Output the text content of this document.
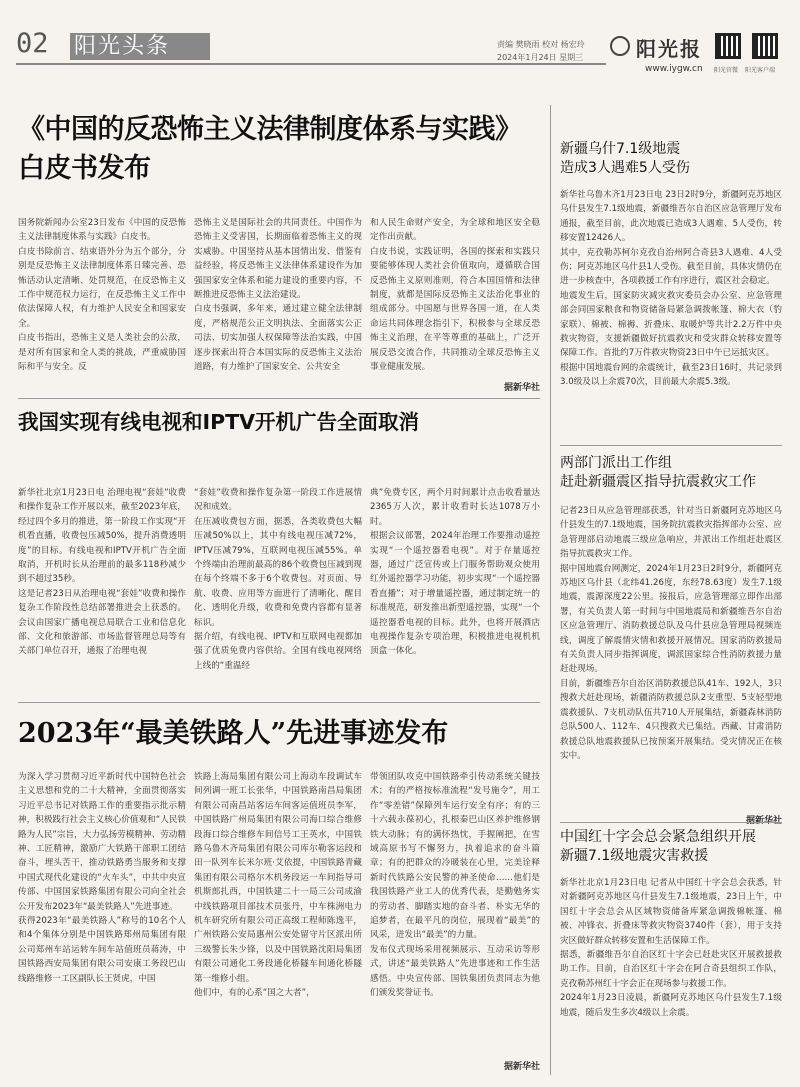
02 阳光头条	责编 樊晓雨 校对 杨宏玲
2024年1月24日 星期三	阳光报
www.iygw.cn 阳光官微 阳光客户端
《中国的反恐怖主义法律制度体系与实践》
白皮书发布
国务院新闻办公室23日发布《中国的反恐怖主义法律制度体系与实践》白皮书。
白皮书除前言、结束语外分为五个部分，分别是反恐怖主义法律制度体系日臻完善、恐怖活动认定清晰、处罚规范，在反恐怖主义工作中规范权力运行，在反恐怖主义工作中依法保障人权，有力维护人民安全和国家安全。
白皮书指出，恐怖主义是人类社会的公敌，是对所有国家和全人类的挑战，严重威胁国际和平与安全。反
恐怖主义是国际社会的共同责任。中国作为恐怖主义受害国，长期面临着恐怖主义的现实威胁。中国坚持从基本国情出发、借鉴有益经验，将反恐怖主义法律体系建设作为加强国家安全体系和能力建设的重要内容，不断推进反恐怖主义法治建设。
白皮书强调，多年来，通过建立健全法律制度，严格规范公正文明执法、全面落实公正司法、切实加强人权保障等法治实践，中国逐步探索出符合本国实际的反恐怖主义法治道路，有力维护了国家安全、公共安全
和人民生命财产安全，为全球和地区安全稳定作出贡献。
白皮书说，实践证明，各国的探索和实践只要能够体现人类社会价值取向，遵循联合国反恐怖主义原则准则，符合本国国情和法律制度，就都是国际反恐怖主义法治化事业的组成部分。中国愿与世界各国一道，在人类命运共同体理念指引下，积极参与全球反恐怖主义治理，在平等尊重的基础上，广泛开展反恐交流合作，共同推动全球反恐怖主义事业健康发展。
据新华社
我国实现有线电视和IPTV开机广告全面取消
新华社北京1月23日电 治理电视“套娃”收费和操作复杂工作开展以来，截至2023年底，经过四个多月的推进，第一阶段工作实现“开机看直播，收费包压减50%，提升消费透明度”的目标。有线电视和IPTV开机广告全面取消，开机时长从治理前的最多118秒减少到不超过35秒。
这是记者23日从治理电视“套娃”收费和操作复杂工作阶段性总结部署推进会上获悉的。会议由国家广播电视总局联合工业和信息化部、文化和旅游部、市场监督管理总局等有关部门单位召开，通报了治理电视
“套娃”收费和操作复杂第一阶段工作进展情况和成效。
在压减收费包方面，据悉，各类收费包大幅压减50%以上，其中有线电视压减72%，IPTV压减79%，互联网电视压减55%。单个终端由治理前最高的86个收费包压减到现在每个终端不多于6个收费包。对页面、导航、收费、应用等方面进行了清晰化、醒目化、透明化升级，收费和免费内容都有显著标识。
据介绍，有线电视、IPTV和互联网电视都加强了优质免费内容供给。全国有线电视网络上线的“重温经
典”免费专区，两个月时间累计点击收看量达2365万人次，累计收看时长达1078万小时。
根据会议部署，2024年治理工作要推动遥控实现“一个遥控器看电视”。对于存量遥控器，通过广泛宣传或上门服务帮助观众使用红外遥控器学习功能，初步实现“一个遥控器看直播”；对于增量遥控器，通过制定统一的标准规范，研发推出新型遥控器，实现“一个遥控器看电视的目标。此外，也将开展酒店电视操作复杂专项治理，积极推进电视机机顶盒一体化。
2023年“最美铁路人”先进事迹发布
为深入学习贯彻习近平新时代中国特色社会主义思想和党的二十大精神，全面贯彻落实习近平总书记对铁路工作的重要指示批示精神，积极践行社会主义核心价值观和“人民铁路为人民”宗旨，大力弘扬劳模精神、劳动精神、工匠精神，激励广大铁路干部职工团结奋斗，埋头苦干，推动铁路勇当服务和支撑中国式现代化建设的“火车头”，中共中央宣传部、中国国家铁路集团有限公司向全社会公开发布2023年“最美铁路人”先进事迹。
获得2023年“最美铁路人”称号的10名个人和4个集体分别是中国铁路郑州局集团有限公司郑州车站运转车间车站值班员蒋涛，中国铁路西安局集团有限公司安康工务段巴山线路维修一工区副队长王贤虎，中国
铁路上海局集团有限公司上海动车段调试车间列调一班工长张华，中国铁路南昌局集团有限公司南昌站客运车间客运值班员李军，中国铁路广州局集团有限公司海口综合维修段海口综合维修车间信号工王英水，中国铁路乌鲁木齐局集团有限公司库尔勒客运段和田一队列车长米尔班·艾依提，中国铁路青藏集团有限公司格尔木机务段运一车间指导司机斯郎扎西，中国铁建二十一局三公司成渝中线铁路项目部技术员张丹，中车株洲电力机车研究所有限公司正高级工程师陈逸平，广州铁路公安局惠州公安处留守片区派出所三级警长朱少锋，以及中国铁路沈阳局集团有限公司通化工务段通化桥隧车间通化桥隧第一维修小组。
他们中，有的心系“国之大者”，
带领团队攻克中国铁路牵引传动系统关键技术；有的严格按标准流程“发号施令”，用工作“零差错”保障列车运行安全有序；有的三十六载永葆初心，扎根秦巴山区养护维修钢铁大动脉；有的满怀热忱，手握阐把，在雪域高原书写不懈努力，执着追求的奋斗篇章；有的把群众的冷暖装在心里，完美诠释新时代铁路公安民警的神圣使命……他们是我国铁路产业工人的优秀代表，是勤勉务实的劳动者、脚踏实地的奋斗者、朴实无华的追梦者，在最平凡的岗位，展现着“最美”的风采，迸发出“最美”的力量。
发布仪式现场采用视频展示、互动采访等形式，讲述“最美铁路人”先进事迹和工作生活感悟。中央宣传部、国铁集团负责同志为他们颁发奖誉证书。
据新华社
新疆乌什7.1级地震
造成3人遇难5人受伤
新华社乌鲁木齐1月23日电 23日2时9分，新疆阿克苏地区乌什县发生7.1级地震，新疆维吾尔自治区应急管理厅发布通报，截至目前，此次地震已造成3人遇难、5人受伤，转移安置12426人。
其中，克孜勒苏柯尔克孜自治州阿合奇县3人遇难、4人受伤；阿克苏地区乌什县1人受伤。截至目前，具体灾情仍在进一步核查中，各项救援工作有序进行，震区社会稳定。
地震发生后，国家防灾减灾救灾委员会办公室、应急管理部会同国家粮食和物资储备局紧急调拨帐篷、棉大衣（豹家联）、棉被、棉褥、折叠床、取暖炉等共计2.2万件中央救灾物资，支援新疆做好抗震救灾和受灾群众转移安置等保障工作。首批约7万件救灾物资23日中午已运抵灾区。
根据中国地震台网的余震统计，截至23日16时，共记录到3.0级及以上余震70次，目前最大余震5.3级。
两部门派出工作组
赶赴新疆震区指导抗震救灾工作
记者23日从应急管理部获悉，针对当日新疆阿克苏地区乌什县发生的7.1级地震，国务院抗震救灾指挥部办公室、应急管理部启动地震三级应急响应，并派出工作组赶赴震区指导抗震救灾工作。
据中国地震台网测定，2024年1月23日2时9分，新疆阿克苏地区乌什县（北纬41.26度，东经78.63度）发生7.1级地震，震源深度22公里。接报后，应急管理部立即作出部署，有关负责人第一时间与中国地震局和新疆维吾尔自治区应急管理厅、消防救援总队及乌什县应急管理局视频连线，调度了解震情灾情和救援开展情况。国家消防救援局有关负责人同步指挥调度，调派国家综合性消防救援力量赶赴现场。
目前，新疆维吾尔自治区消防救援总队41车、192人，3只搜救犬赶赴现场，新疆消防救援总队2支重型、5支轻型地震救援队、7支机动队伍共710人开展集结，新疆森林消防总队500人、112车、4只搜救犬已集结。西藏、甘肃消防救援总队地震救援队已按预案开展集结。受灾情况正在核实中。
据新华社
中国红十字会总会紧急组织开展
新疆7.1级地震灾害救援
新华社北京1月23日电 记者从中国红十字会总会获悉，针对新疆阿克苏地区乌什县发生7.1级地震，23日上午，中国红十字会总会从区域物资储备库紧急调拨棉帐篷、棉被、冲锋衣、折叠床等救灾物资3740件（套），用于支持灾区做好群众转移安置和生活保障工作。
据悉，新疆维吾尔自治区红十字会已赶赴灾区开展救援救助工作。目前，自治区红十字会在阿合奇县组织工作队，克孜勒苏州红十字会正在现场参与救援工作。
2024年1月23日凌晨，新疆阿克苏地区乌什县发生7.1级地震，随后发生多次4级以上余震。
